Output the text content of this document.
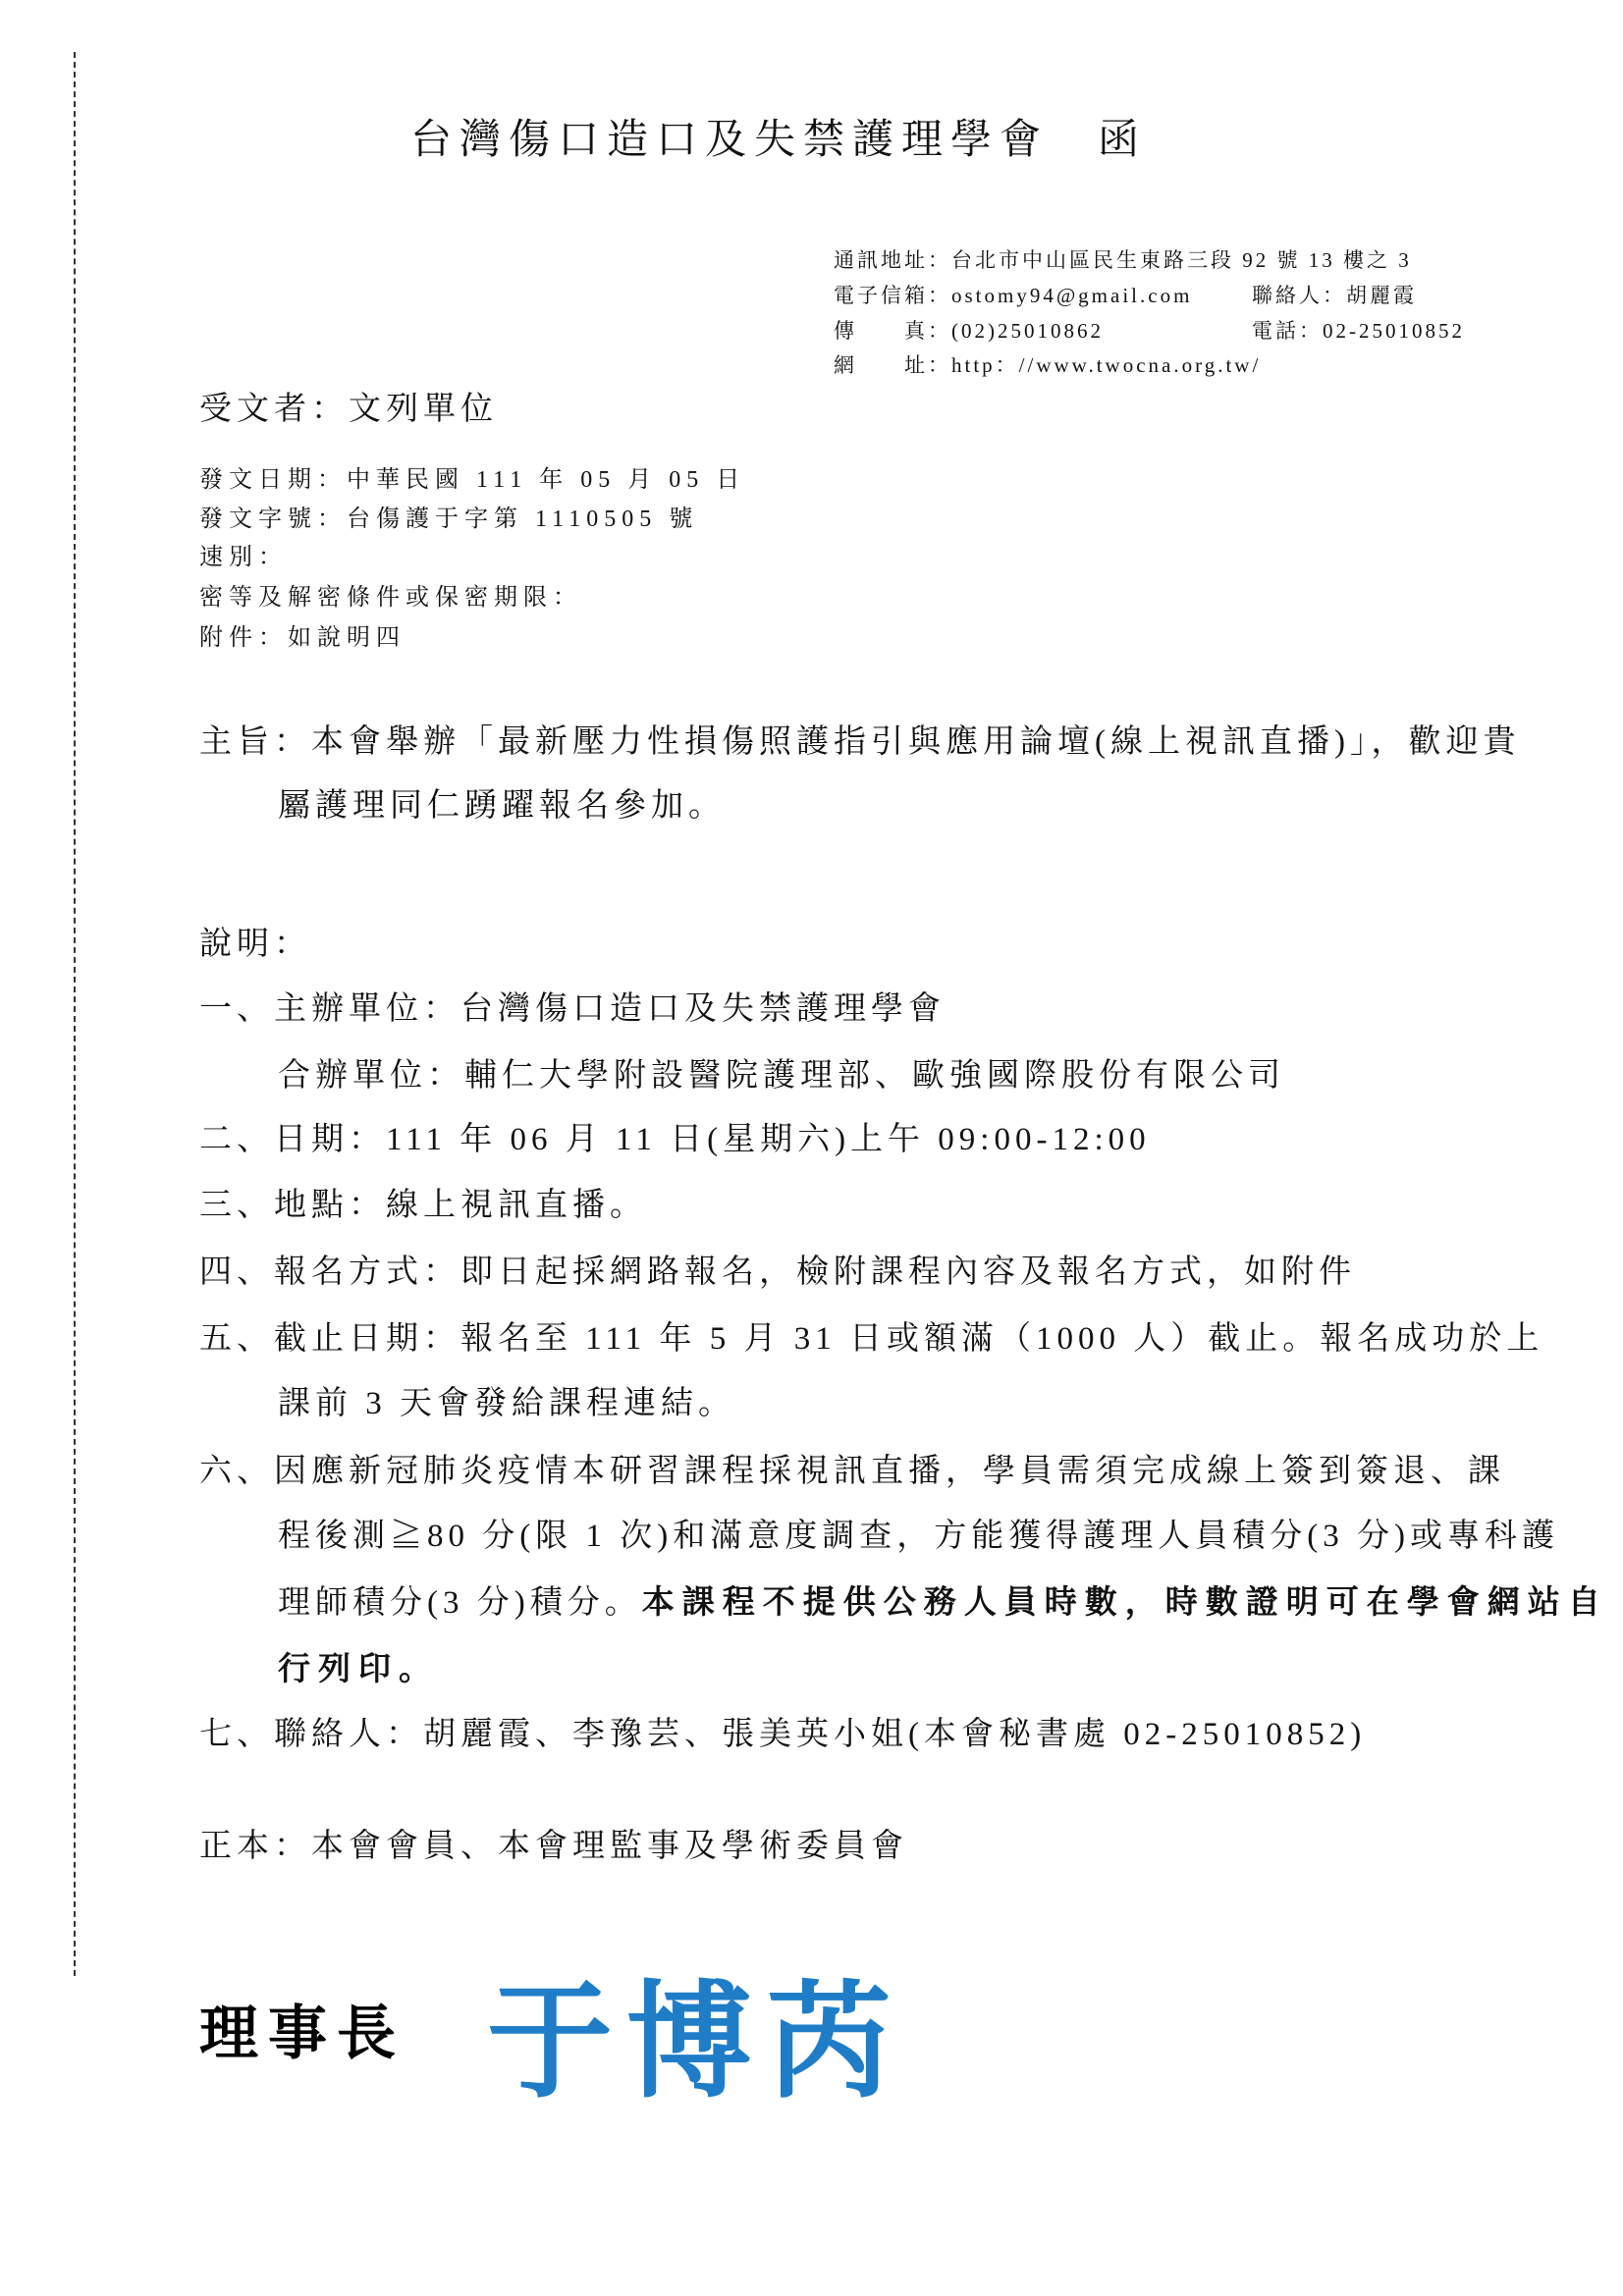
台灣傷口造口及失禁護理學會　函
通訊地址：台北市中山區民生東路三段 92 號 13 樓之 3
電子信箱：ostomy94@gmail.com	聯絡人：胡麗霞
傳　　真：(02)25010862	電話：02-25010852
網　　址：http：//www.twocna.org.tw/
受文者：文列單位
發文日期：中華民國 111 年 05 月 05 日
發文字號：台傷護于字第 1110505 號
速別：
密等及解密條件或保密期限：
附件：如說明四
主旨：本會舉辦「最新壓力性損傷照護指引與應用論壇(線上視訊直播)」，歡迎貴
屬護理同仁踴躍報名參加。
說明：
一、主辦單位：台灣傷口造口及失禁護理學會
合辦單位：輔仁大學附設醫院護理部、歐強國際股份有限公司
二、日期：111 年 06 月 11 日(星期六)上午 09:00-12:00
三、地點：線上視訊直播。
四、報名方式：即日起採網路報名，檢附課程內容及報名方式，如附件
五、截止日期：報名至 111 年 5 月 31 日或額滿（1000 人）截止。報名成功於上
課前 3 天會發給課程連結。
六、因應新冠肺炎疫情本研習課程採視訊直播，學員需須完成線上簽到簽退、課
程後測≧80 分(限 1 次)和滿意度調查，方能獲得護理人員積分(3 分)或專科護
理師積分(3 分)積分。本課程不提供公務人員時數，時數證明可在學會網站自
行列印。
七、聯絡人：胡麗霞、李豫芸、張美英小姐(本會秘書處 02-25010852)
正本：本會會員、本會理監事及學術委員會
理事長 于博芮
